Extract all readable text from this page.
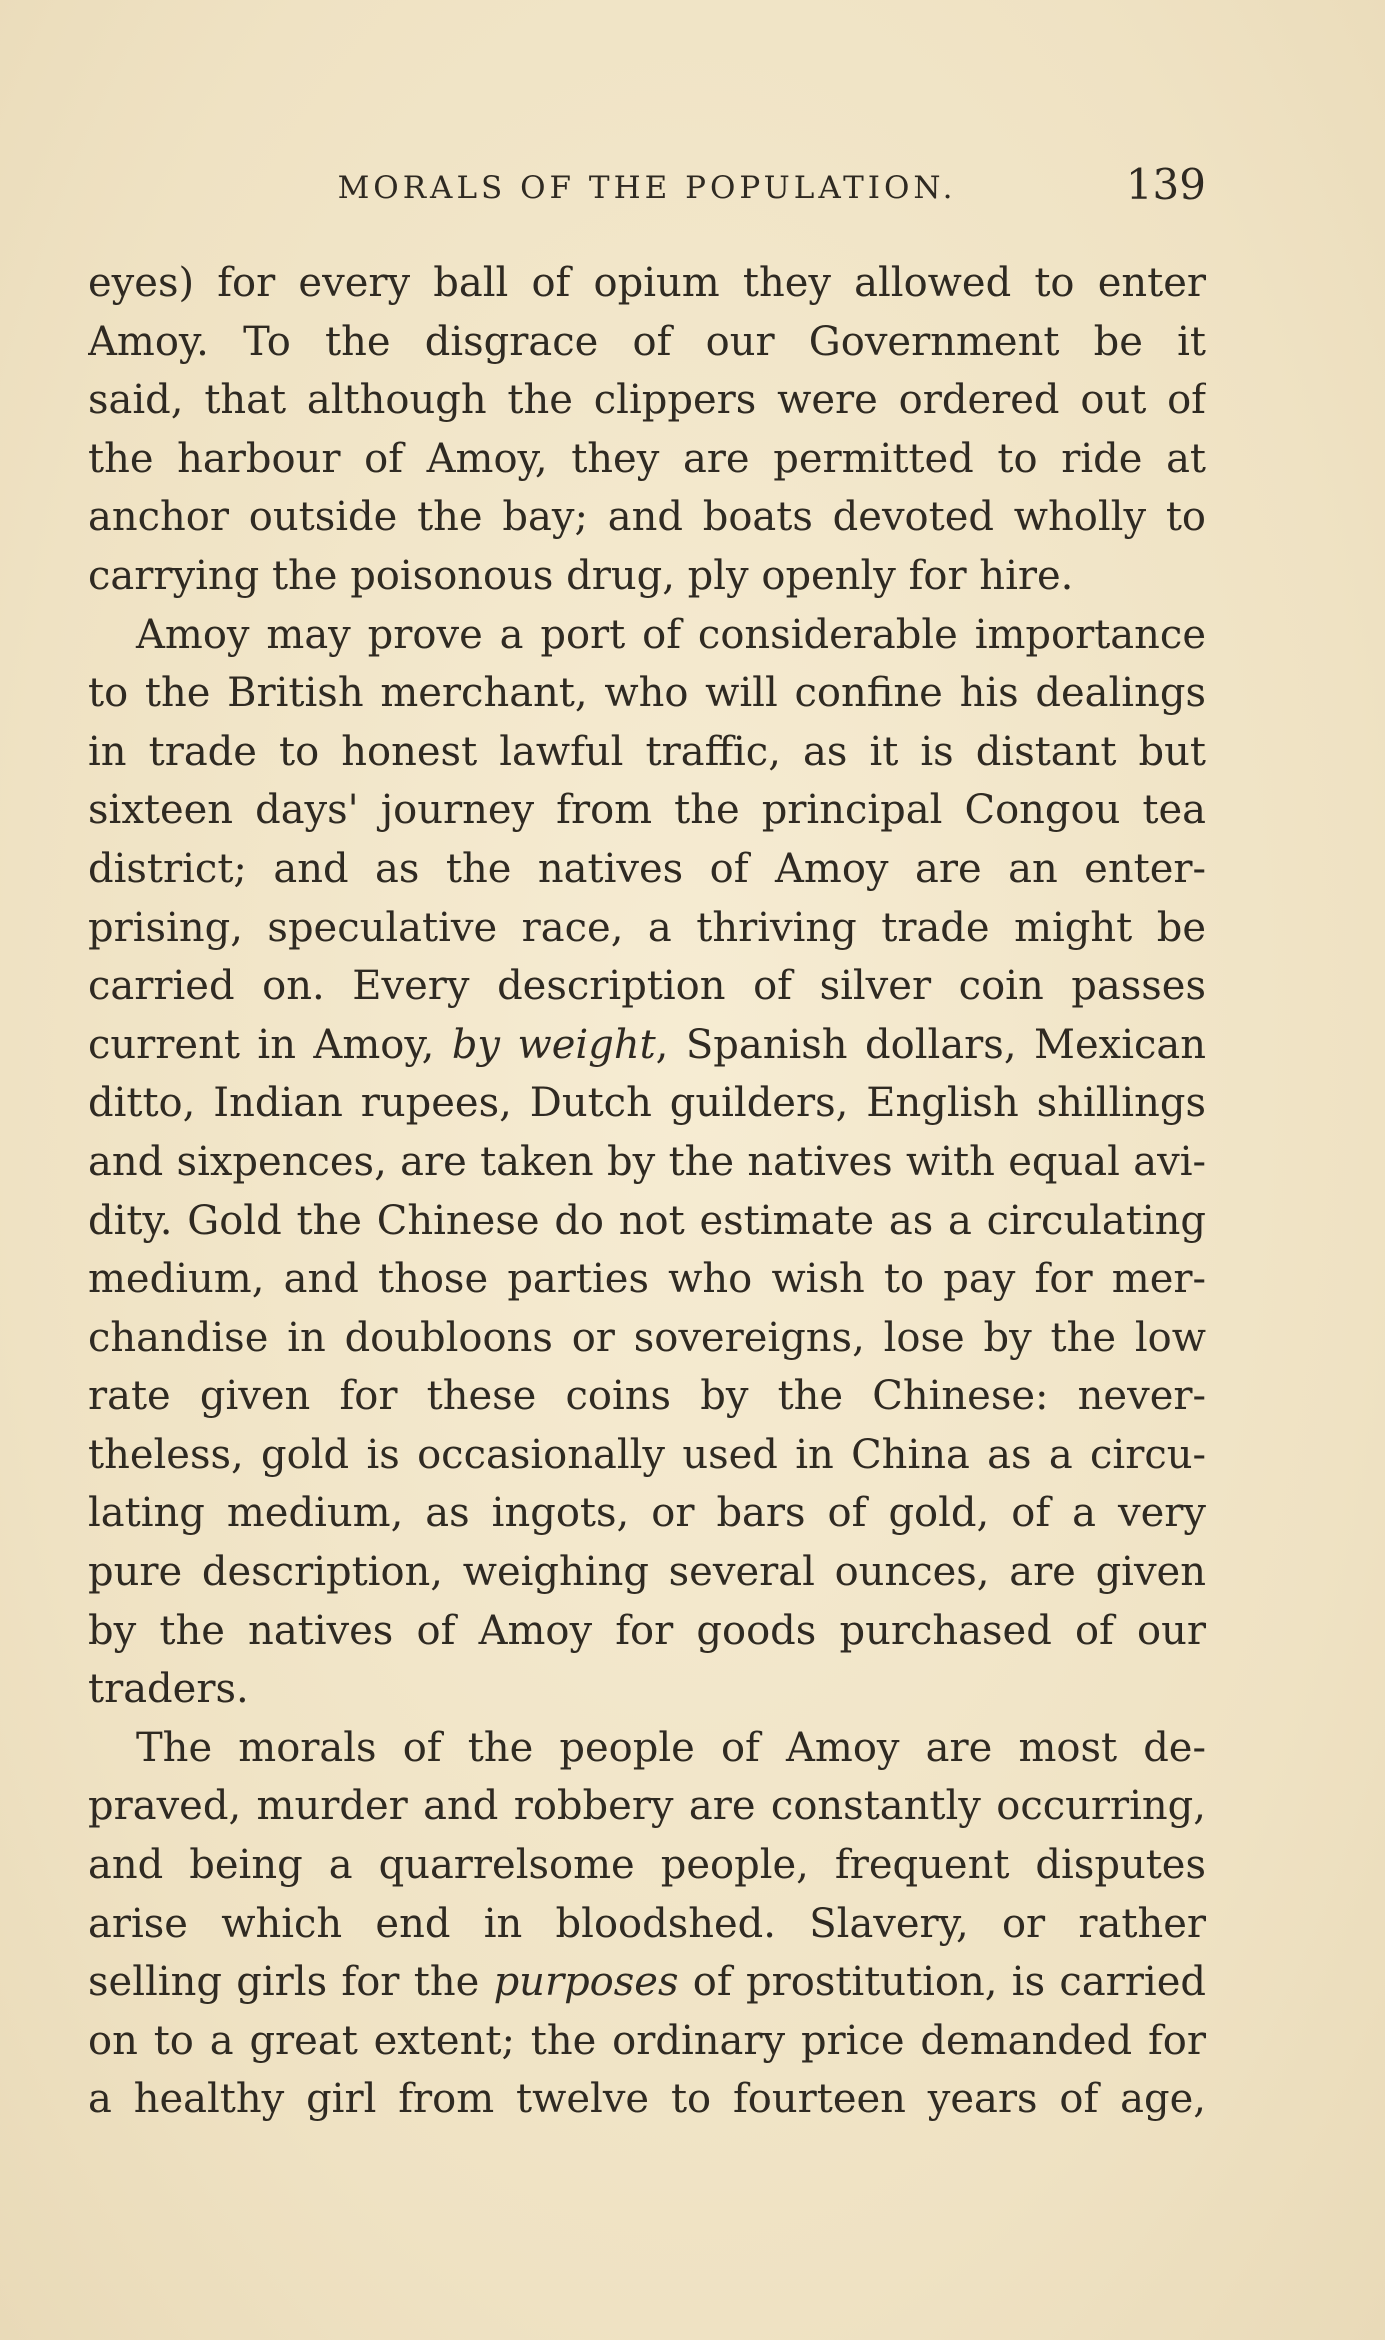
MORALS OF THE POPULATION.	139
eyes) for every ball of opium they allowed to enter
Amoy. To the disgrace of our Government be it
said, that although the clippers were ordered out of
the harbour of Amoy, they are permitted to ride at
anchor outside the bay; and boats devoted wholly to
carrying the poisonous drug, ply openly for hire.
Amoy may prove a port of considerable importance
to the British merchant, who will confine his dealings
in trade to honest lawful traffic, as it is distant but
sixteen days' journey from the principal Congou tea
district; and as the natives of Amoy are an enter-
prising, speculative race, a thriving trade might be
carried on. Every description of silver coin passes
current in Amoy, by weight, Spanish dollars, Mexican
ditto, Indian rupees, Dutch guilders, English shillings
and sixpences, are taken by the natives with equal avi-
dity. Gold the Chinese do not estimate as a circulating
medium, and those parties who wish to pay for mer-
chandise in doubloons or sovereigns, lose by the low
rate given for these coins by the Chinese: never-
theless, gold is occasionally used in China as a circu-
lating medium, as ingots, or bars of gold, of a very
pure description, weighing several ounces, are given
by the natives of Amoy for goods purchased of our
traders.
The morals of the people of Amoy are most de-
praved, murder and robbery are constantly occurring,
and being a quarrelsome people, frequent disputes
arise which end in bloodshed. Slavery, or rather
selling girls for the purposes of prostitution, is carried
on to a great extent; the ordinary price demanded for
a healthy girl from twelve to fourteen years of age,
